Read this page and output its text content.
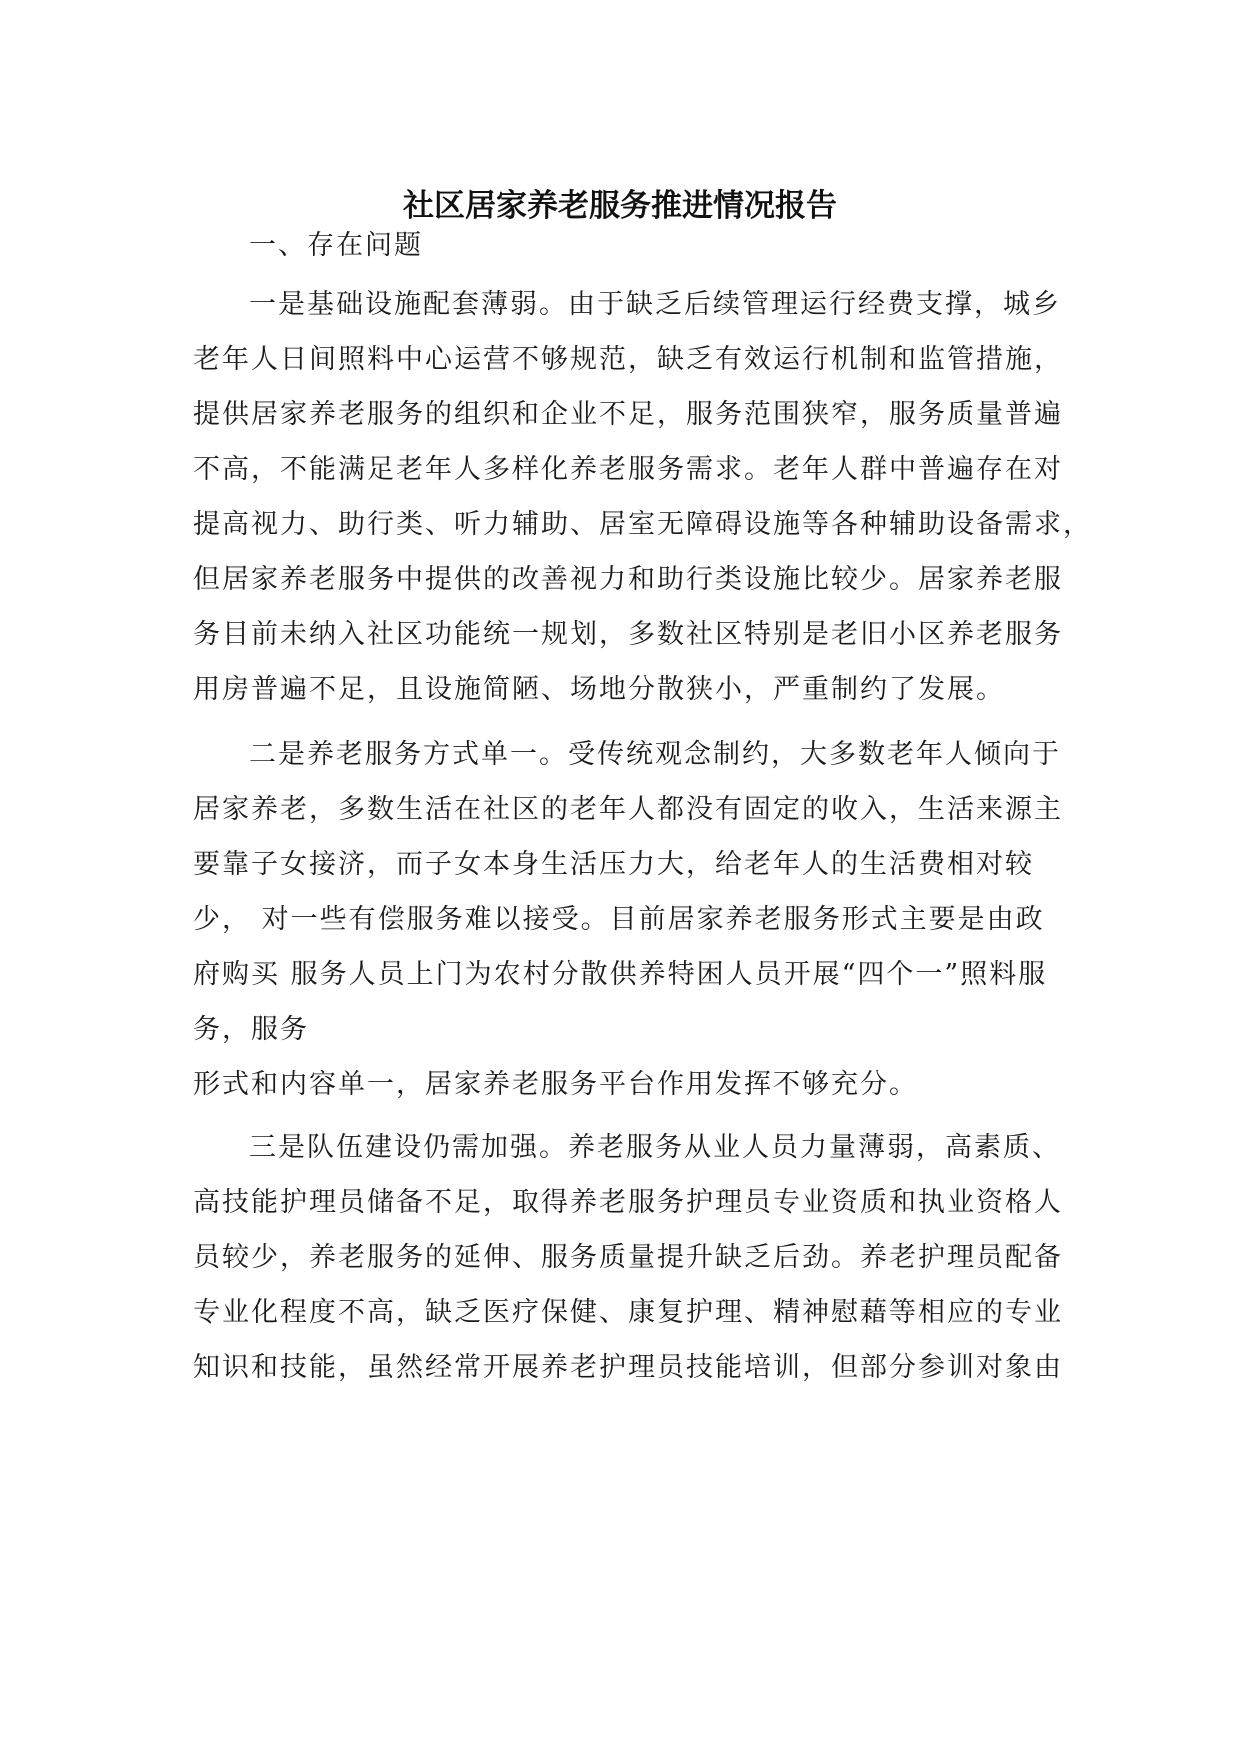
社区居家养老服务推进情况报告
一、存在问题
一是基础设施配套薄弱。由于缺乏后续管理运行经费支撑，城乡
老年人日间照料中心运营不够规范，缺乏有效运行机制和监管措施，
提供居家养老服务的组织和企业不足，服务范围狭窄，服务质量普遍
不高，不能满足老年人多样化养老服务需求。老年人群中普遍存在对
提高视力、助行类、听力辅助、居室无障碍设施等各种辅助设备需求，
但居家养老服务中提供的改善视力和助行类设施比较少。居家养老服
务目前未纳入社区功能统一规划，多数社区特别是老旧小区养老服务
用房普遍不足，且设施简陋、场地分散狭小，严重制约了发展。
二是养老服务方式单一。受传统观念制约，大多数老年人倾向于
居家养老，多数生活在社区的老年人都没有固定的收入，生活来源主
要靠子女接济，而子女本身生活压力大，给老年人的生活费相对较
少， 对一些有偿服务难以接受。目前居家养老服务形式主要是由政
府购买 服务人员上门为农村分散供养特困人员开展“四个一”照料服
务，服务
形式和内容单一，居家养老服务平台作用发挥不够充分。
三是队伍建设仍需加强。养老服务从业人员力量薄弱，高素质、
高技能护理员储备不足，取得养老服务护理员专业资质和执业资格人
员较少，养老服务的延伸、服务质量提升缺乏后劲。养老护理员配备
专业化程度不高，缺乏医疗保健、康复护理、精神慰藉等相应的专业
知识和技能，虽然经常开展养老护理员技能培训，但部分参训对象由
